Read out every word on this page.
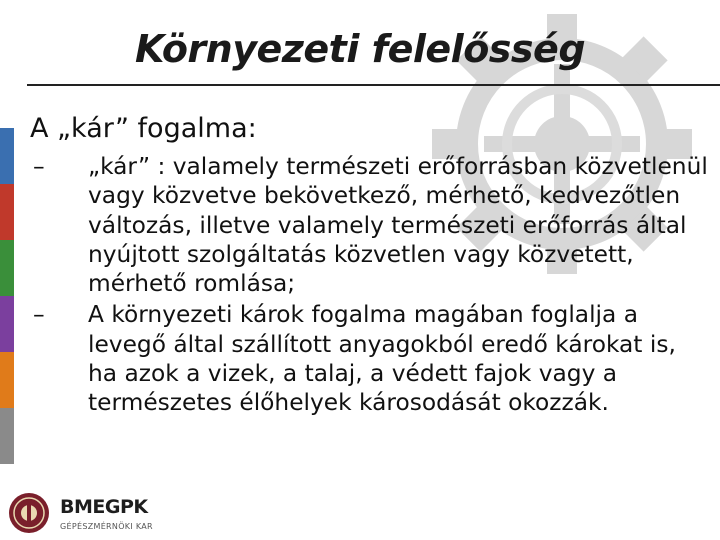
Környezeti felelősség
A „kár” fogalma:
–	„kár” : valamely természeti erőforrásban közvetlenül vagy közvetve bekövetkező, mérhető, kedvezőtlen változás, illetve valamely természeti erőforrás által nyújtott szolgáltatás közvetlen vagy közvetett, mérhető romlása;
–	A környezeti károk fogalma magában foglalja a levegő által szállított anyagokból eredő károkat is, ha azok a vizek, a talaj, a védett fajok vagy a természetes élőhelyek károsodását okozzák.
BMEGPK
GÉPÉSZMÉRNÖKI KAR
